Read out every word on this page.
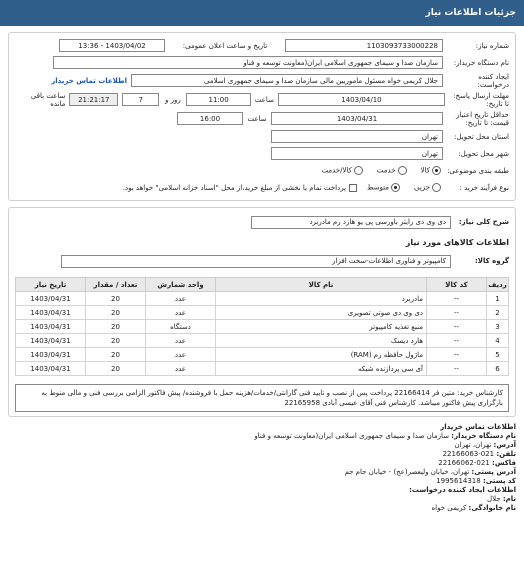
جزئیات اطلاعات نیاز
شماره نیاز:
1103093733000228
تاریخ و ساعت اعلان عمومی:
1403/04/02 - 13:36
نام دستگاه خریدار:
سازمان صدا و سیمای جمهوری اسلامی ایران(معاونت توسعه و فناو
ایجاد کننده درخواست:
جلال کریمی خواه مسئول ماموریین مالی سازمان صدا و سیمای جمهوری اسلامی
اطلاعات تماس خریدار
مهلت ارسال پاسخ: تا تاریخ:
1403/04/10
ساعت
11:00
روز و
7
21:21:17
ساعت باقی مانده
حداقل تاریخ اعتبار قیمت: تا تاریخ:
1403/04/31
ساعت
16:00
استان محل تحویل:
تهران
شهر محل تحویل:
تهران
طبقه بندی موضوعی:
کالا
خدمت
کالا/خدمت
نوع فرآیند خرید :
جزیی
متوسط
پرداخت تمام یا بخشی از مبلغ خرید،از محل "اسناد خزانه اسلامی" خواهد بود.
شرح کلی نیاز:
دی وی دی رایتر باورسی پی یو هارد رم مادربرد
اطلاعات کالاهای مورد نیاز
گروه کالا:
کامپیوتر و فناوری اطلاعات-سخت افزار
ردیف	کد کالا	نام کالا	واحد شمارش	تعداد / مقدار	تاریخ نیاز
1	--	مادربرد	عدد	20	1403/04/31
2	--	دی وی دی صوتی تصویری	عدد	20	1403/04/31
3	--	منبع تغذیه کامپیوتر	دستگاه	20	1403/04/31
4	--	هارد دیسک	عدد	20	1403/04/31
5	--	ماژول حافظه رم (RAM)	عدد	20	1403/04/31
6	--	آی سی پردازنده شبکه	عدد	20	1403/04/31
کارشناس خرید: متین فر 22166414 پرداخت پس از نصب و تایید فنی گارانتی/خدمات/هزینه حمل با فروشنده/ پیش فاکتور الزامی بررسی فنی و مالی منوط به بارگزاری پیش فاکتور میباشد. کارشناس فنی آقای عیسی آبادی 22165958
اطلاعات تماس خریدار
نام دستگاه خریدار: سازمان صدا و سیمای جمهوری اسلامی ایران(معاونت توسعه و فناو
آدرس: تهران، تهران
تلفن: 021-22166063
فاکس: 021-22166062
آدرس پستی: تهران، خیابان ولیعصر(عج) - خیابان جام جم
کد پستی: 1995614318
اطلاعات ایجاد کننده درخواست:
نام: جلال
نام خانوادگی: کریمی خواه
